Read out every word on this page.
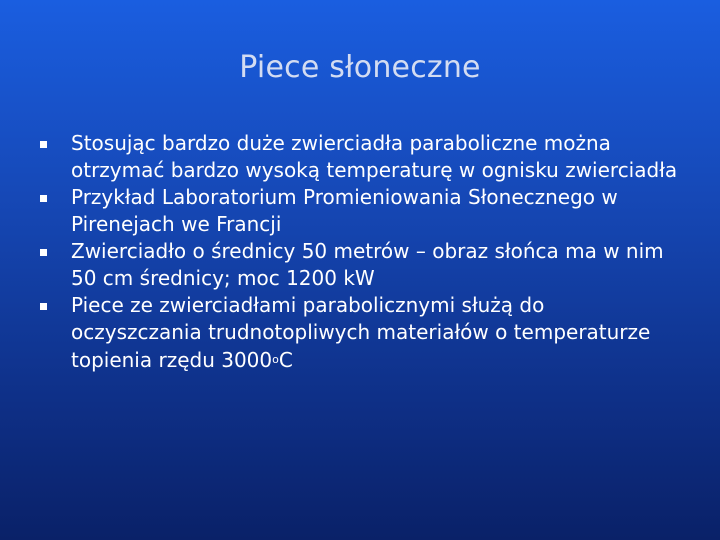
Piece słoneczne
Stosując bardzo duże zwierciadła paraboliczne można otrzymać bardzo wysoką temperaturę w ognisku zwierciadła
Przykład Laboratorium Promieniowania Słonecznego w Pirenejach we Francji
Zwierciadło o średnicy 50 metrów – obraz słońca ma w nim 50 cm średnicy; moc 1200 kW
Piece ze zwierciadłami parabolicznymi służą do oczyszczania trudnotopliwych materiałów o temperaturze topienia rzędu 3000$^o$C
